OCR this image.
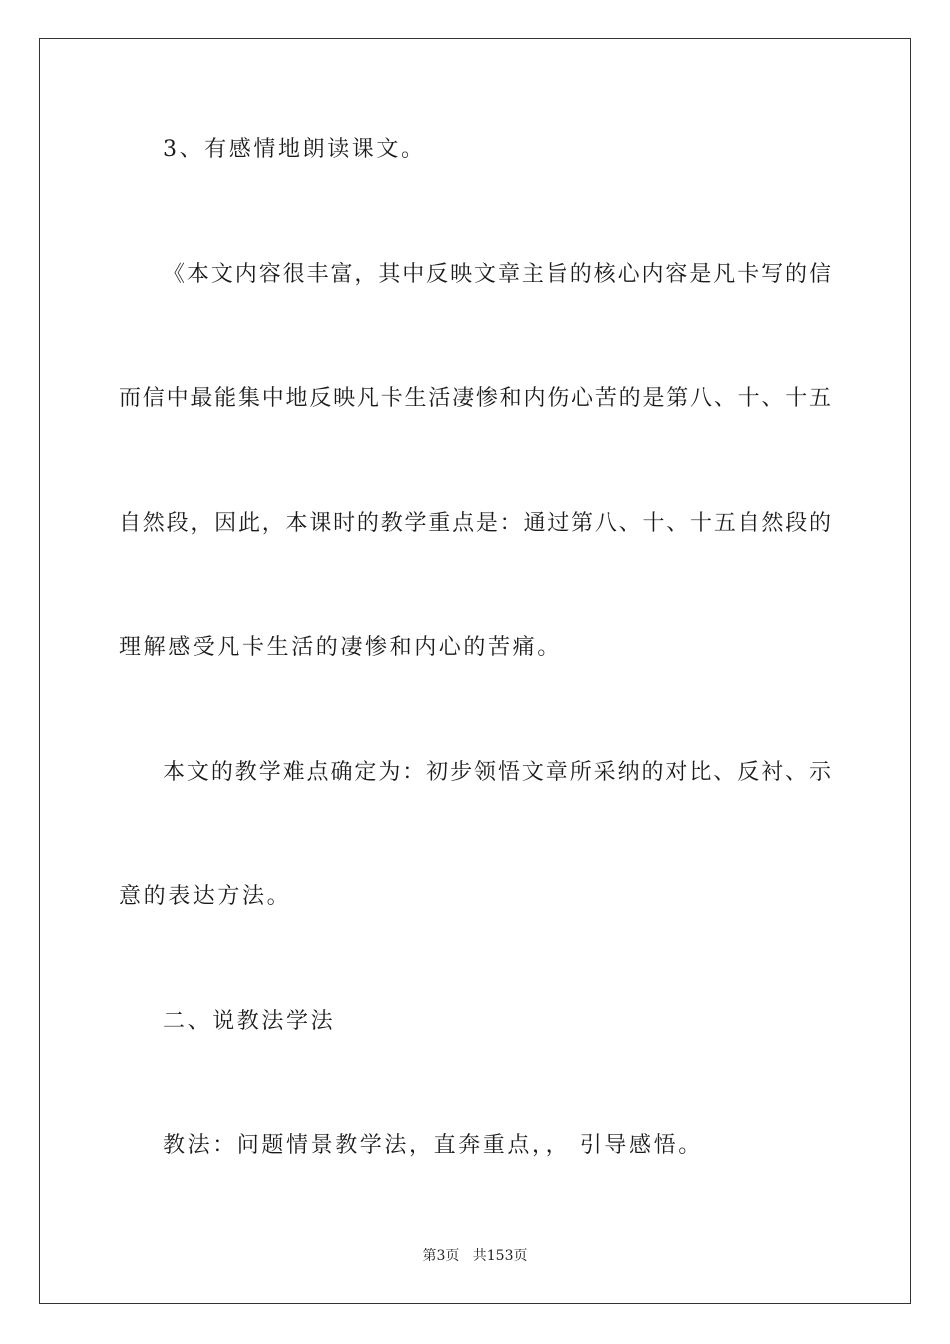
3、有感情地朗读课文。
《本文内容很丰富，其中反映文章主旨的核心内容是凡卡写的信
而信中最能集中地反映凡卡生活凄惨和内伤心苦的是第八、十、十五
自然段，因此，本课时的教学重点是：通过第八、十、十五自然段的
理解感受凡卡生活的凄惨和内心的苦痛。
本文的教学难点确定为：初步领悟文章所采纳的对比、反衬、示
意的表达方法。
二、说教法学法
教法：问题情景教学法，直奔重点，， 引导感悟。
第3页 共153页
